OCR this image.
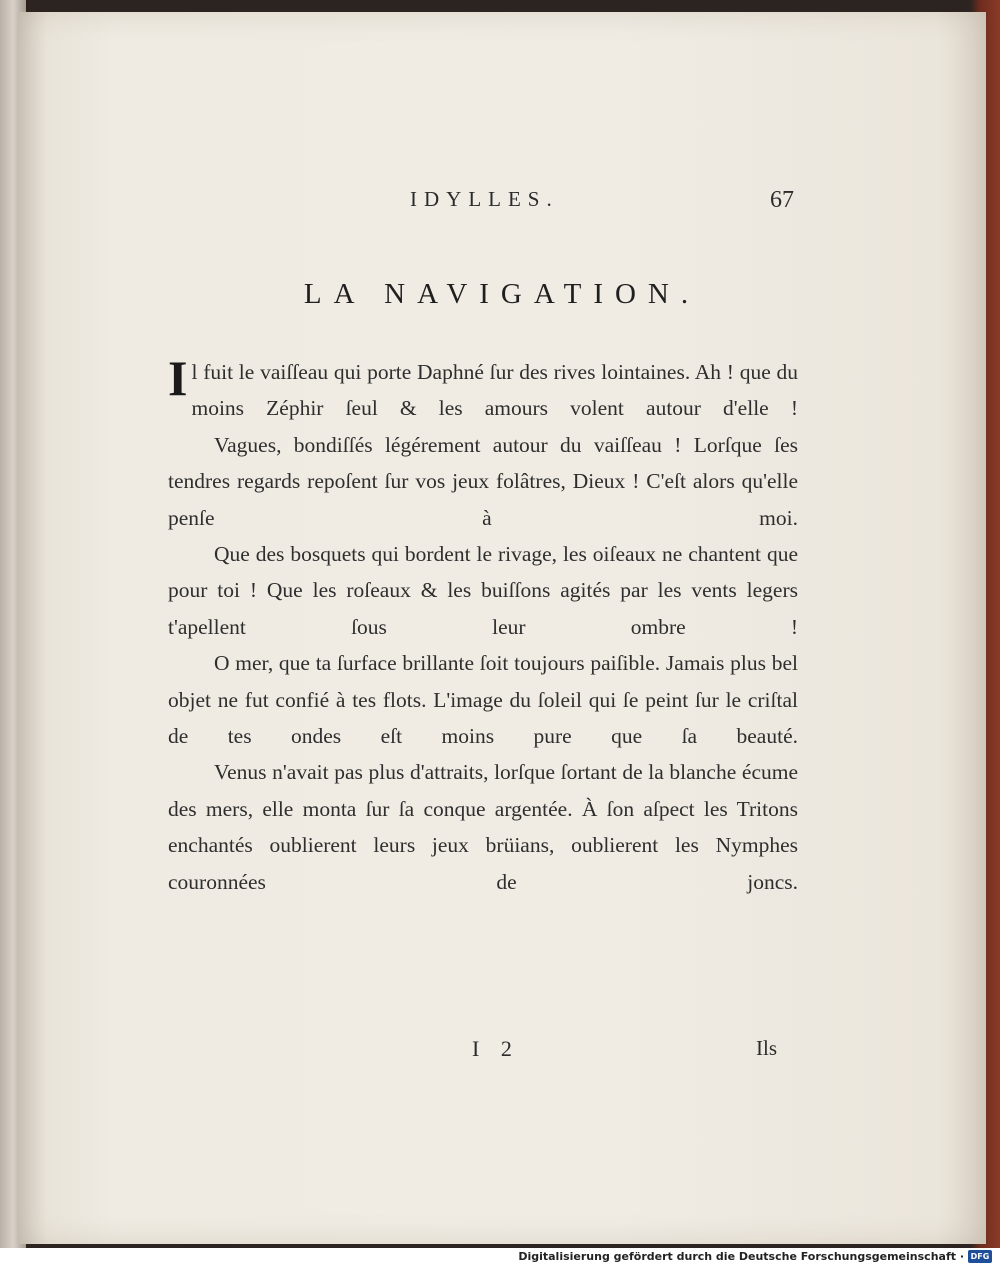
IDYLLES.	67
LA NAVIGATION.

Il fuit le vaiſſeau qui porte Daphné ſur des rives lointaines. Ah ! que du moins Zéphir ſeul & les amours volent autour d'elle !

Vagues, bondiſſés légérement autour du vaiſſeau ! Lorſque ſes tendres regards repoſent ſur vos jeux folâtres, Dieux ! C'eſt alors qu'elle penſe à moi.

Que des bosquets qui bordent le rivage, les oiſeaux ne chantent que pour toi ! Que les roſeaux & les buiſſons agités par les vents legers t'apellent ſous leur ombre !

O mer, que ta ſurface brillante ſoit toujours paiſible. Jamais plus bel objet ne fut confié à tes flots. L'image du ſoleil qui ſe peint ſur le criſtal de tes ondes eſt moins pure que ſa beauté.

Venus n'avait pas plus d'attraits, lorſque ſortant de la blanche écume des mers, elle monta ſur ſa conque argentée. À ſon aſpect les Tritons enchantés oublierent leurs jeux brüians, oublierent les Nymphes couronnées de joncs.

I 2	Ils
Digitalisierung gefördert durch die Deutsche Forschungsgemeinschaft · DFG
